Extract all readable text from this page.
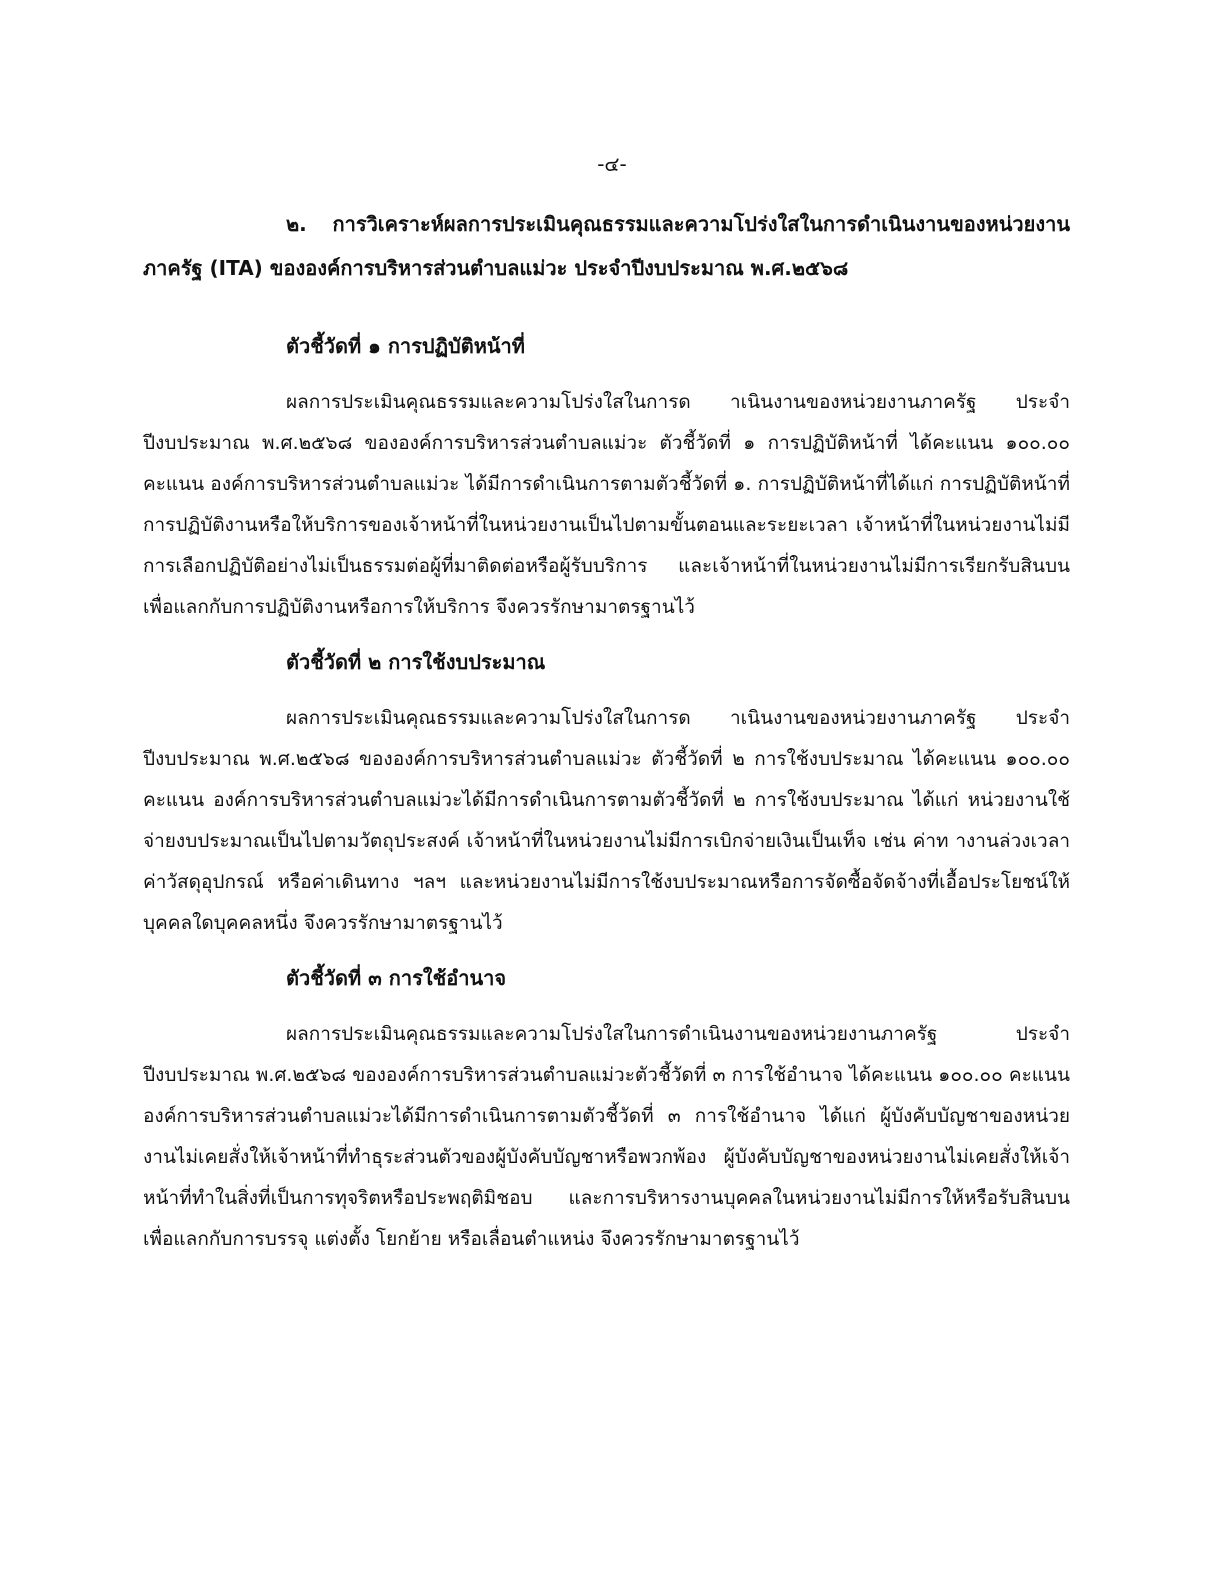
-๔-

๒. การวิเคราะห์ผลการประเมินคุณธรรมและความโปร่งใสในการดำเนินงานของหน่วยงานภาครัฐ (ITA) ขององค์การบริหารส่วนตำบลแม่วะ ประจำปีงบประมาณ พ.ศ.๒๕๖๘

ตัวชี้วัดที่ ๑ การปฏิบัติหน้าที่

ผลการประเมินคุณธรรมและความโปร่งใสในการด าเนินงานของหน่วยงานภาครัฐ ประจำปีงบประมาณ พ.ศ.๒๕๖๘ ขององค์การบริหารส่วนตำบลแม่วะ ตัวชี้วัดที่ ๑ การปฏิบัติหน้าที่ ได้คะแนน ๑๐๐.๐๐ คะแนน องค์การบริหารส่วนตำบลแม่วะ ได้มีการดำเนินการตามตัวชี้วัดที่ ๑. การปฏิบัติหน้าที่ได้แก่ การปฏิบัติหน้าที่ การปฏิบัติงานหรือให้บริการของเจ้าหน้าที่ในหน่วยงานเป็นไปตามขั้นตอนและระยะเวลา เจ้าหน้าที่ในหน่วยงานไม่มีการเลือกปฏิบัติอย่างไม่เป็นธรรมต่อผู้ที่มาติดต่อหรือผู้รับบริการ และเจ้าหน้าที่ในหน่วยงานไม่มีการเรียกรับสินบนเพื่อแลกกับการปฏิบัติงานหรือการให้บริการ จึงควรรักษามาตรฐานไว้

ตัวชี้วัดที่ ๒ การใช้งบประมาณ

ผลการประเมินคุณธรรมและความโปร่งใสในการด าเนินงานของหน่วยงานภาครัฐ ประจำปีงบประมาณ พ.ศ.๒๕๖๘ ขององค์การบริหารส่วนตำบลแม่วะ ตัวชี้วัดที่ ๒ การใช้งบประมาณ ได้คะแนน ๑๐๐.๐๐ คะแนน องค์การบริหารส่วนตำบลแม่วะได้มีการดำเนินการตามตัวชี้วัดที่ ๒ การใช้งบประมาณ ได้แก่ หน่วยงานใช้จ่ายงบประมาณเป็นไปตามวัตถุประสงค์ เจ้าหน้าที่ในหน่วยงานไม่มีการเบิกจ่ายเงินเป็นเท็จ เช่น ค่าท างานล่วงเวลา ค่าวัสดุอุปกรณ์ หรือค่าเดินทาง ฯลฯ และหน่วยงานไม่มีการใช้งบประมาณหรือการจัดซื้อจัดจ้างที่เอื้อประโยชน์ให้บุคคลใดบุคคลหนึ่ง จึงควรรักษามาตรฐานไว้

ตัวชี้วัดที่ ๓ การใช้อำนาจ

ผลการประเมินคุณธรรมและความโปร่งใสในการดำเนินงานของหน่วยงานภาครัฐ ประจำปีงบประมาณ พ.ศ.๒๕๖๘ ขององค์การบริหารส่วนตำบลแม่วะตัวชี้วัดที่ ๓ การใช้อำนาจ ได้คะแนน ๑๐๐.๐๐ คะแนน องค์การบริหารส่วนตำบลแม่วะได้มีการดำเนินการตามตัวชี้วัดที่ ๓ การใช้อำนาจ ได้แก่ ผู้บังคับบัญชาของหน่วยงานไม่เคยสั่งให้เจ้าหน้าที่ทำธุระส่วนตัวของผู้บังคับบัญชาหรือพวกพ้อง ผู้บังคับบัญชาของหน่วยงานไม่เคยสั่งให้เจ้าหน้าที่ทำในสิ่งที่เป็นการทุจริตหรือประพฤติมิชอบ และการบริหารงานบุคคลในหน่วยงานไม่มีการให้หรือรับสินบน เพื่อแลกกับการบรรจุ แต่งตั้ง โยกย้าย หรือเลื่อนตำแหน่ง จึงควรรักษามาตรฐานไว้
